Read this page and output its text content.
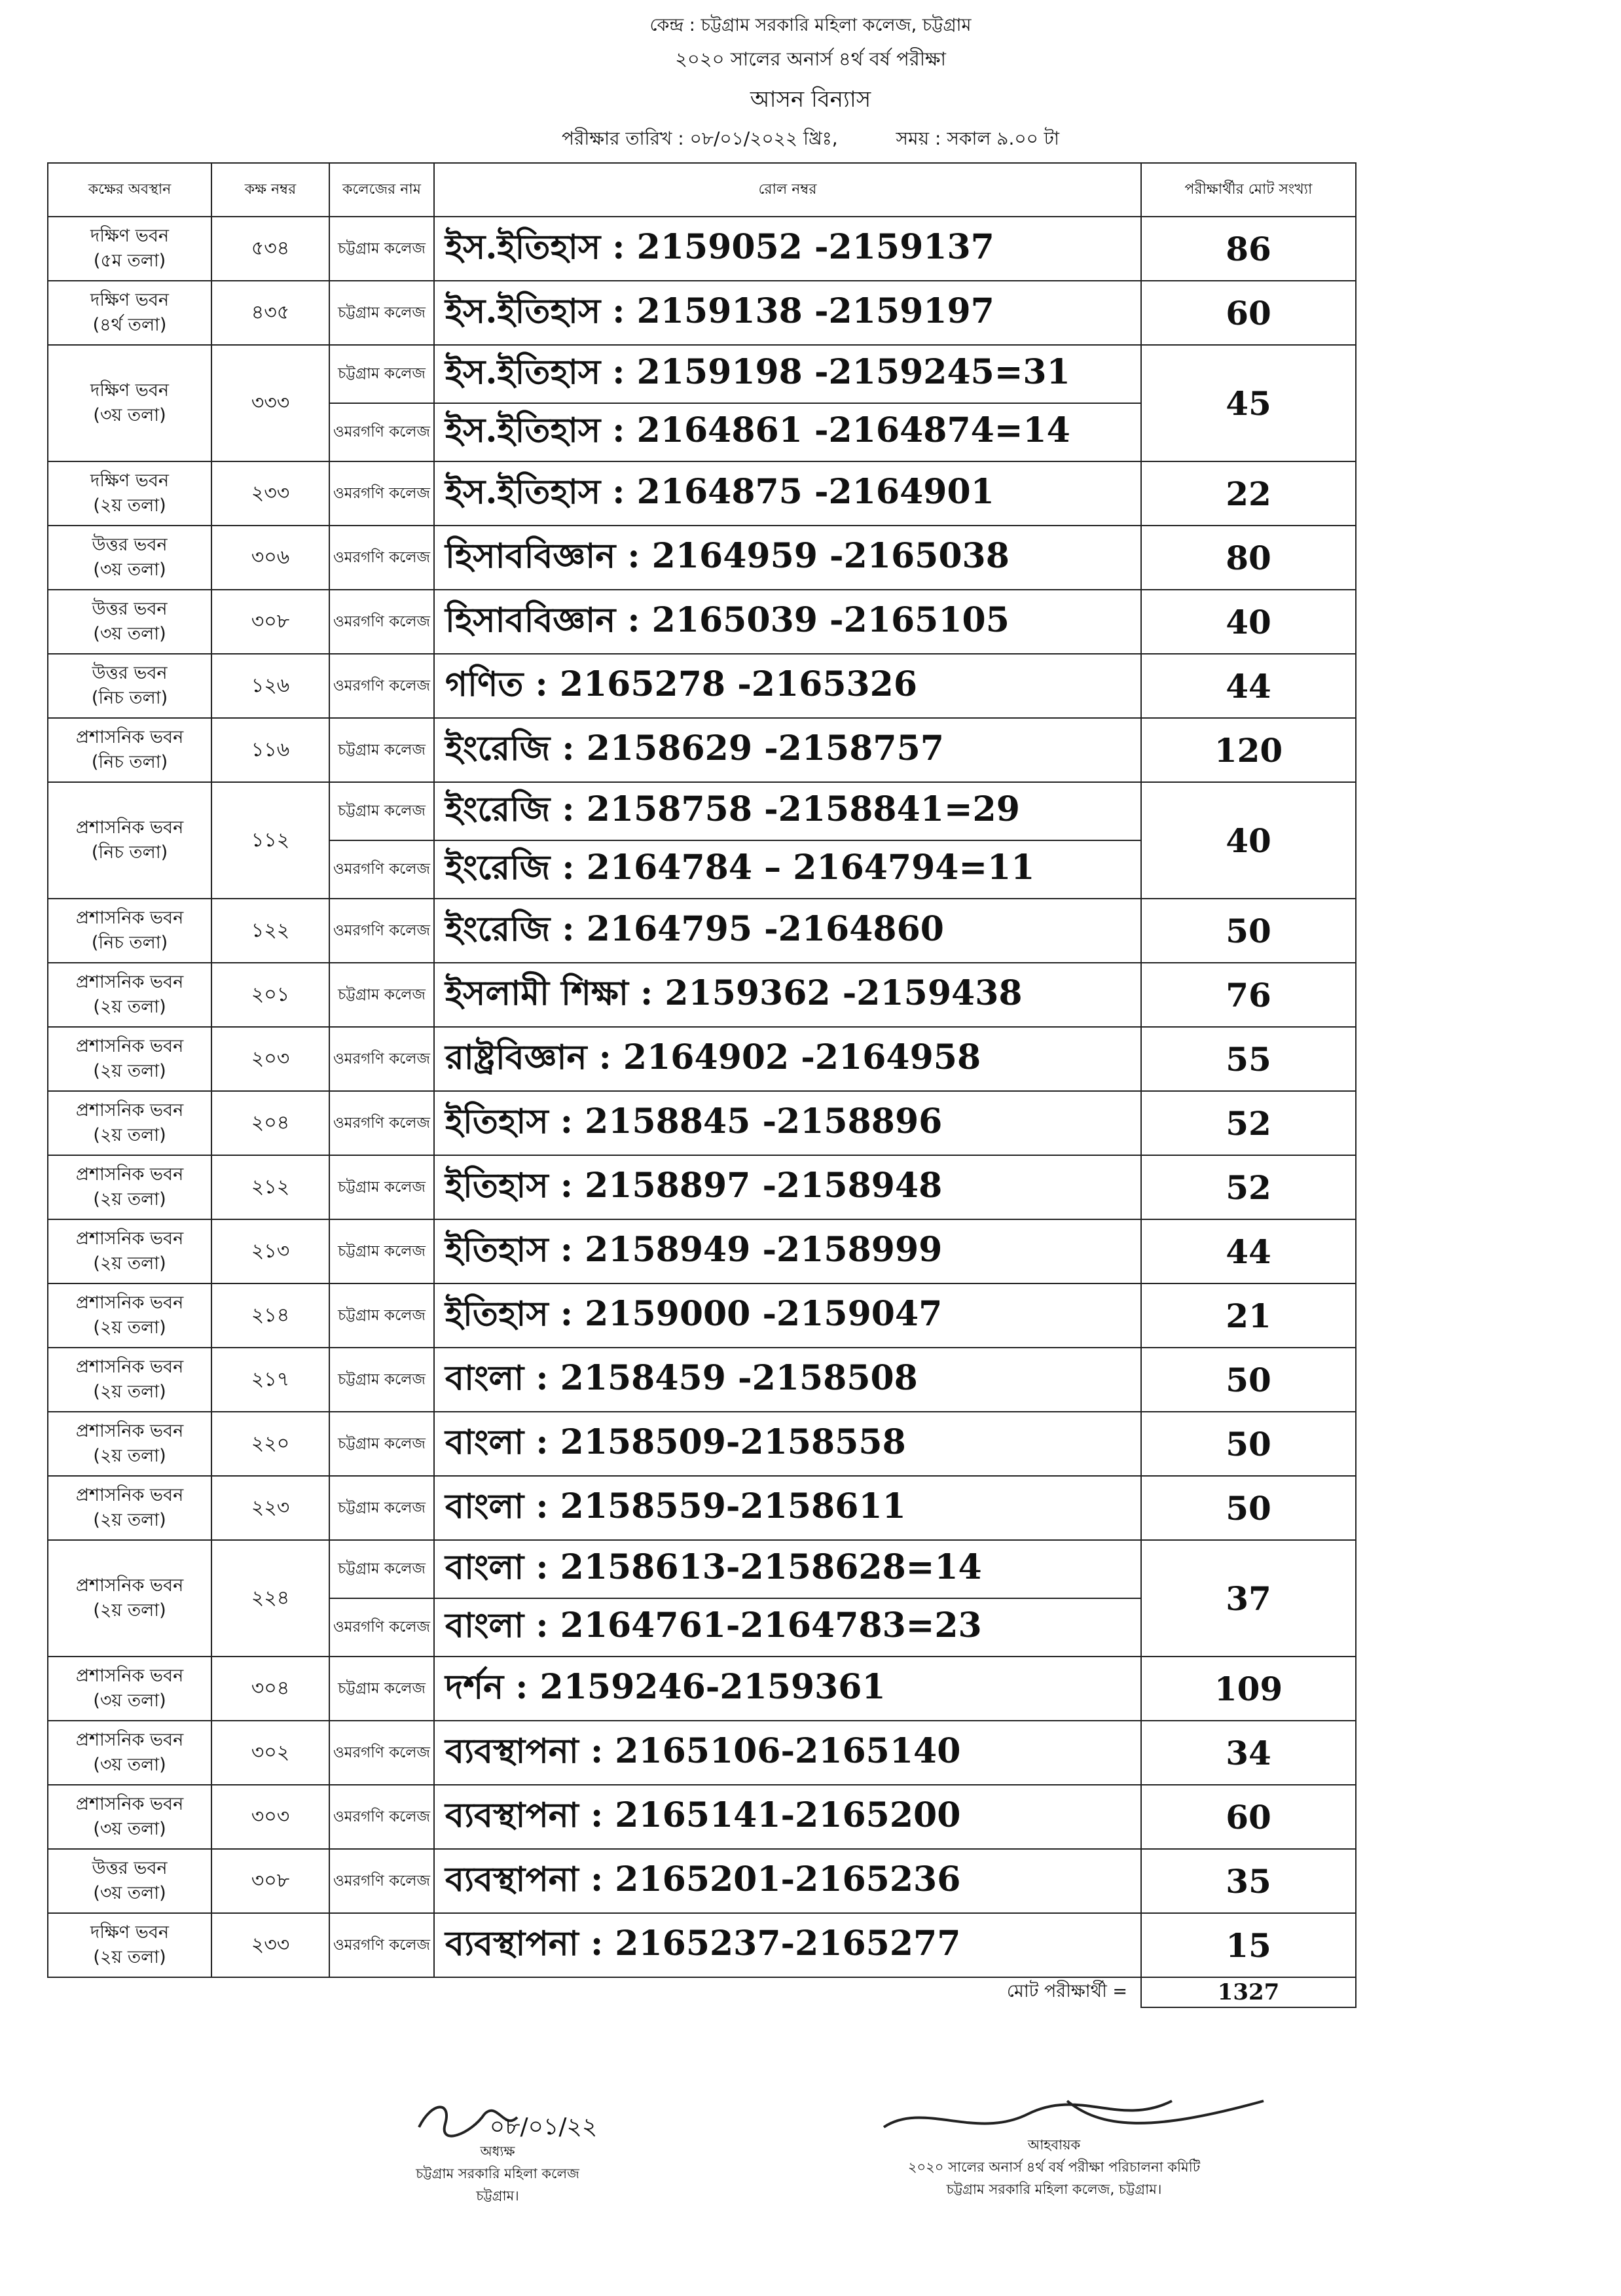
কেন্দ্র : চট্টগ্রাম সরকারি মহিলা কলেজ, চট্টগ্রাম
২০২০ সালের অনার্স ৪র্থ বর্ষ পরীক্ষা
আসন বিন্যাস
পরীক্ষার তারিখ : ০৮/০১/২০২২ খ্রিঃ,	সময় : সকাল ৯.০০ টা
কক্ষের অবস্থান	কক্ষ নম্বর	কলেজের নাম	রোল নম্বর	পরীক্ষার্থীর মোট সংখ্যা

দক্ষিণ ভবন
(৫ম তলা)	৫৩৪	চট্টগ্রাম কলেজ	ইস.ইতিহাস : 2159052 -2159137	86

দক্ষিণ ভবন
(৪র্থ তলা)	৪৩৫	চট্টগ্রাম কলেজ	ইস.ইতিহাস : 2159138 -2159197	60

দক্ষিণ ভবন
(৩য় তলা)	৩৩৩	চট্টগ্রাম কলেজ	ইস.ইতিহাস : 2159198 -2159245=31	45
		ওমরগণি কলেজ	ইস.ইতিহাস : 2164861 -2164874=14	

দক্ষিণ ভবন
(২য় তলা)	২৩৩	ওমরগণি কলেজ	ইস.ইতিহাস : 2164875 -2164901	22

উত্তর ভবন
(৩য় তলা)	৩০৬	ওমরগণি কলেজ	হিসাববিজ্ঞান : 2164959 -2165038	80

উত্তর ভবন
(৩য় তলা)	৩০৮	ওমরগণি কলেজ	হিসাববিজ্ঞান : 2165039 -2165105	40

উত্তর ভবন
(নিচ তলা)	১২৬	ওমরগণি কলেজ	গণিত : 2165278 -2165326	44

প্রশাসনিক ভবন
(নিচ তলা)	১১৬	চট্টগ্রাম কলেজ	ইংরেজি : 2158629 -2158757	120

প্রশাসনিক ভবন
(নিচ তলা)	১১২	চট্টগ্রাম কলেজ	ইংরেজি : 2158758 -2158841=29	40
		ওমরগণি কলেজ	ইংরেজি : 2164784 – 2164794=11	

প্রশাসনিক ভবন
(নিচ তলা)	১২২	ওমরগণি কলেজ	ইংরেজি : 2164795 -2164860	50

প্রশাসনিক ভবন
(২য় তলা)	২০১	চট্টগ্রাম কলেজ	ইসলামী শিক্ষা : 2159362 -2159438	76

প্রশাসনিক ভবন
(২য় তলা)	২০৩	ওমরগণি কলেজ	রাষ্ট্রবিজ্ঞান : 2164902 -2164958	55

প্রশাসনিক ভবন
(২য় তলা)	২০৪	ওমরগণি কলেজ	ইতিহাস : 2158845 -2158896	52

প্রশাসনিক ভবন
(২য় তলা)	২১২	চট্টগ্রাম কলেজ	ইতিহাস : 2158897 -2158948	52

প্রশাসনিক ভবন
(২য় তলা)	২১৩	চট্টগ্রাম কলেজ	ইতিহাস : 2158949 -2158999	44

প্রশাসনিক ভবন
(২য় তলা)	২১৪	চট্টগ্রাম কলেজ	ইতিহাস : 2159000 -2159047	21

প্রশাসনিক ভবন
(২য় তলা)	২১৭	চট্টগ্রাম কলেজ	বাংলা : 2158459 -2158508	50

প্রশাসনিক ভবন
(২য় তলা)	২২০	চট্টগ্রাম কলেজ	বাংলা : 2158509-2158558	50

প্রশাসনিক ভবন
(২য় তলা)	২২৩	চট্টগ্রাম কলেজ	বাংলা : 2158559-2158611	50

প্রশাসনিক ভবন
(২য় তলা)	২২৪	চট্টগ্রাম কলেজ	বাংলা : 2158613-2158628=14	37
		ওমরগণি কলেজ	বাংলা : 2164761-2164783=23	

প্রশাসনিক ভবন
(৩য় তলা)	৩০৪	চট্টগ্রাম কলেজ	দর্শন : 2159246-2159361	109

প্রশাসনিক ভবন
(৩য় তলা)	৩০২	ওমরগণি কলেজ	ব্যবস্থাপনা : 2165106-2165140	34

প্রশাসনিক ভবন
(৩য় তলা)	৩০৩	ওমরগণি কলেজ	ব্যবস্থাপনা : 2165141-2165200	60

উত্তর ভবন
(৩য় তলা)	৩০৮	ওমরগণি কলেজ	ব্যবস্থাপনা : 2165201-2165236	35

দক্ষিণ ভবন
(২য় তলা)	২৩৩	ওমরগণি কলেজ	ব্যবস্থাপনা : 2165237-2165277	15
			মোট পরীক্ষার্থী =	1327
০৮/০১/২২
অধ্যক্ষ
চট্টগ্রাম সরকারি মহিলা কলেজ
চট্টগ্রাম।
আহবায়ক
২০২০ সালের অনার্স ৪র্থ বর্ষ পরীক্ষা পরিচালনা কমিটি
চট্টগ্রাম সরকারি মহিলা কলেজ, চট্টগ্রাম।
